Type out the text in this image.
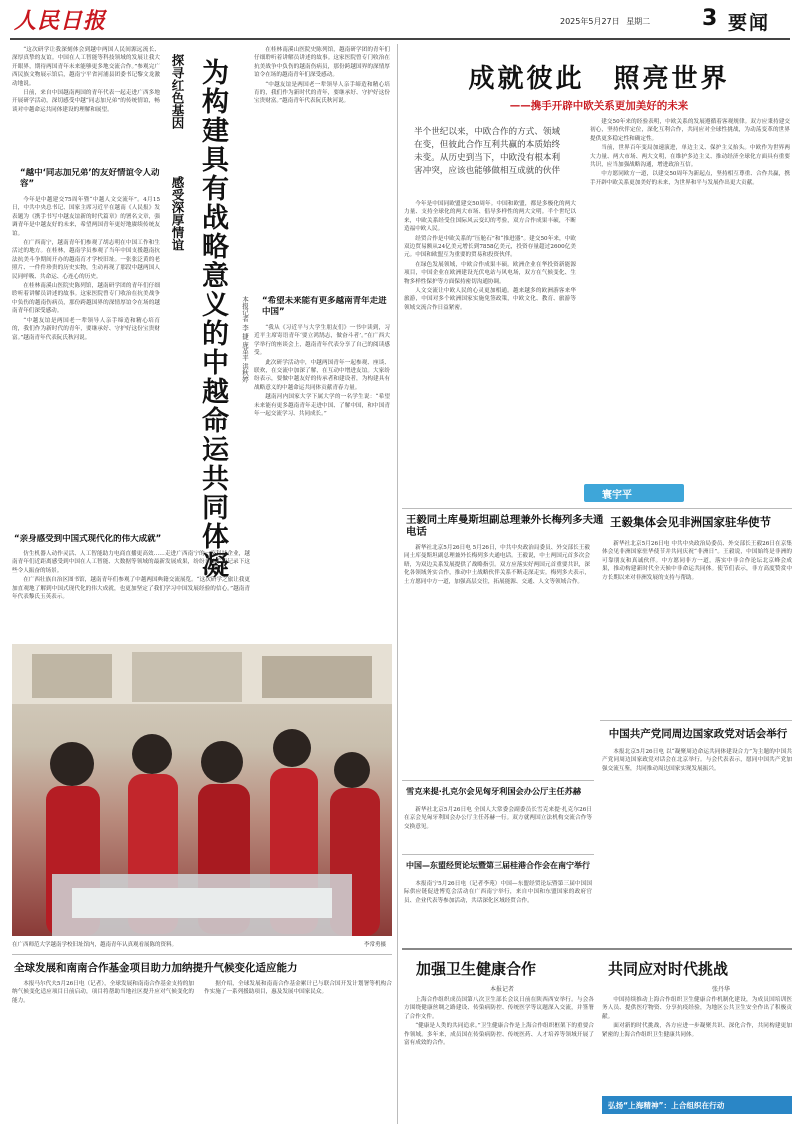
人民日报	2025年5月27日 星期二	3 要闻

“这次研学让我深刻体会到越中两国人民间源远流长、深厚真挚的友谊。中国在人工智能等科技领域的发展让我大开眼界，期待两国青年未来能够更多地交流合作。”参观完广西民族文物展示馆后，越南宁平省河浦县团委书记黎文龙激动地说。

日前，来自中国越南两国的青年代表一起走进广西多地开展研学活动，深切感受中越“同志加兄弟”的传统情谊，畅谈对中越命运共同体建设的理解和展望。	探寻红色基因
感受深厚情谊
为构建具有战略意义的中越命运共同体凝
本报记者 李 捷 庞革平 洪秋婷
“越中‘同志加兄弟’的友好情谊令人动容”

今年是中越建交75周年暨“中越人文交流年”。4月15日，中共中央总书记、国家主席习近平在越南《人民报》发表题为《携手书写中越友谊新的时代篇章》的署名文章，强调青年是中越友好的未来，希望两国青年更好地赓续传统友谊。

在广西南宁，越南青年们参观了胡志明在中国工作和生活过的地方。在桂林，越南学员参观了当年中国支援越南抗法抗美斗争期间开办的越南育才学校旧址。一张张泛黄的老照片、一件件珍贵的历史实物，生动再现了那段中越两国人民同呼吸、共命运、心连心的历史。

在桂林南溪山医院史陈列馆，越南研学团的青年们仔细聆听着讲解员讲述的故事。这家医院曾专门收治在抗美战争中负伤的越南伤病员，那份跨越国界的深情厚谊令在场的越南青年们深受感动。

“中越友谊是两国老一辈领导人亲手缔造和精心培育的，我们作为新时代的青年，要继承好、守护好这份宝贵财富。”越南青年代表阮氏秋河说。

“亲身感受到中国式现代化的伟大成就”

仿生机器人动作灵活、人工智能助力电商直播更高效……走进广西南宁的一家科技企业，越南青年们近距离感受到中国在人工智能、大数据等领域的最新发展成果，纷纷拿出手机记录下这些令人振奋的场景。

在广西壮族自治区图书馆，越南青年们参观了中越两国典籍交流展览。“这次研学之旅让我更加直观地了解到中国式现代化的伟大成就，也更加坚定了我们学习中国发展经验的信心。”越南青年代表黎氏玉英表示。

在桂林南溪山医院史陈列馆，越南研学团的青年们仔细聆听着讲解员讲述的故事。这家医院曾专门收治在抗美战争中负伤的越南伤病员，那份跨越国界的深情厚谊令在场的越南青年们深受感动。

“中越友谊是两国老一辈领导人亲手缔造和精心培育的，我们作为新时代的青年，要继承好、守护好这份宝贵财富。”越南青年代表阮氏秋河说。

“希望未来能有更多越南青年走进中国”

“我从《习近平与大学生朋友们》一书中读到，习近平主席寄语青年‘要立鸿鹄志，做奋斗者’。”在广西大学举行的座谈会上，越南青年代表分享了自己的阅读感受。

此次研学活动中，中越两国青年一起参观、座谈、联欢，在交流中加深了解，在互动中增进友谊。大家纷纷表示，要做中越友好的传承者和建设者，为构建具有战略意义的中越命运共同体贡献青春力量。

越南河内国家大学下属大学的一名学生说：“希望未来能有更多越南青年走进中国、了解中国，和中国青年一起交流学习、共同成长。”

在广西师范大学越南学校旧址馆内，越南青年认真观看展陈的资料。	李常勇摄
全球发展和南南合作基金项目助力加纳提升气候变化适应能力

本报马尔代夫5月26日电（记者），全球发展和南南合作基金支持的加纳气候变化适应项目日前启动，项目将帮助当地社区提升应对气候变化的能力。

据介绍，全球发展和南南合作基金累计已与联合国开发计划署等机构合作实施了一系列援助项目，惠及发展中国家民众。

成就彼此　照亮世界
——携手开辟中欧关系更加美好的未来
半个世纪以来，中欧合作的方式、领域在变，但彼此合作互利共赢的本质始终未变。从历史到当下，中欧没有根本利害冲突，应该也能够做相互成就的伙伴

今年是中国同欧盟建交50周年。中国和欧盟，都是多极化的两大力量、支持全球化的两大市场、倡导多样性的两大文明。半个世纪以来，中欧关系经受住国际风云变幻的考验，双方合作成果丰硕，不断造福中欧人民。

经贸合作是中欧关系的“压舱石”和“推进器”。建交50年来，中欧双边贸易额从24亿美元增长到7858亿美元，投资存量超过2600亿美元。中国和欧盟互为重要的贸易和投资伙伴。

在绿色发展领域，中欧合作成果丰硕。欧洲企业在华投资新能源项目，中国企业在欧洲建设光伏电站与风电场，双方在气候变化、生物多样性保护等方面保持密切沟通协调。

人文交流让中欧人民的心灵更加相通。越来越多的欧洲游客来华旅游，中国对多个欧洲国家实施免签政策，中欧文化、教育、旅游等领域交流合作日益紧密。

建交50年来的经验表明，中欧关系的发展遵循着客观规律。双方应秉持建交初心，坚持伙伴定位，深化互利合作，共同应对全球性挑战，为动荡变革的世界提供更多稳定性和确定性。

当前，世界百年变局加速演进，单边主义、保护主义抬头。中欧作为世界两大力量、两大市场、两大文明，在维护多边主义、推动经济全球化方面具有重要共识，应当加强战略沟通，增进政治互信。

中方愿同欧方一道，以建交50周年为新起点，坚持相互尊重、合作共赢，携手开辟中欧关系更加美好的未来，为世界和平与发展作出更大贡献。

寰宇平
王毅同土库曼斯坦副总理兼外长梅列多夫通电话

新华社北京5月26日电 5月26日，中共中央政治局委员、外交部长王毅同土库曼斯坦副总理兼外长梅列多夫通电话。王毅说，中土两国元首多次会晤，为双边关系发展提供了战略指引。双方应落实好两国元首重要共识，深化各领域务实合作，推动中土战略伙伴关系不断走深走实。梅列多夫表示，土方愿同中方一道，加强高层交往，拓展能源、交通、人文等领域合作。

王毅集体会见非洲国家驻华使节

新华社北京5月26日电 中共中央政治局委员、外交部长王毅26日在京集体会见非洲国家驻华使节并共同庆祝“非洲日”。王毅说，中国始终是非洲的可靠朋友和真诚伙伴。中方愿同非方一道，落实中非合作论坛北京峰会成果，推动构建新时代全天候中非命运共同体。使节们表示，非方高度赞赏中方长期以来对非洲发展的支持与帮助。

中国共产党同周边国家政党对话会举行

本报北京5月26日电 以“凝聚周边命运共同体建设合力”为主题的中国共产党同周边国家政党对话会在北京举行。与会代表表示，愿同中国共产党加强交流互鉴，共同推动周边国家实现发展振兴。

雪克来提·扎克尔会见匈牙利国会办公厅主任苏赫

新华社北京5月26日电 全国人大常委会副委员长雪克来提·扎克尔26日在京会见匈牙利国会办公厅主任苏赫一行。双方就两国立法机构交流合作等交换意见。

中国—东盟经贸论坛暨第三届桂港合作会在南宁举行

本报南宁5月26日电（记者李苑）中国—东盟经贸论坛暨第三届中国国际供应链促进博览会活动在广西南宁举行，来自中国和东盟国家的政府官员、企业代表等参加活动，共话深化区域经贸合作。

加强卫生健康合作	共同应对时代挑战
本报记者	张丹华

上海合作组织成员国第八次卫生部长会议日前在陕西西安举行。与会各方围绕健康丝绸之路建设、传染病防控、传统医学等议题深入交流，并签署了合作文件。

“健康是人类的共同追求。”卫生健康合作是上海合作组织框架下的重要合作领域。多年来，成员国在传染病防控、传统医药、人才培养等领域开展了富有成效的合作。

中国持续推动上海合作组织卫生健康合作机制化建设，为成员国培训医务人员、提供医疗物资、分享抗疫经验，为地区公共卫生安全作出了积极贡献。

面对新的时代挑战，各方应进一步凝聚共识、深化合作，共同构建更加紧密的上海合作组织卫生健康共同体。

弘扬“上海精神”：上合组织在行动
